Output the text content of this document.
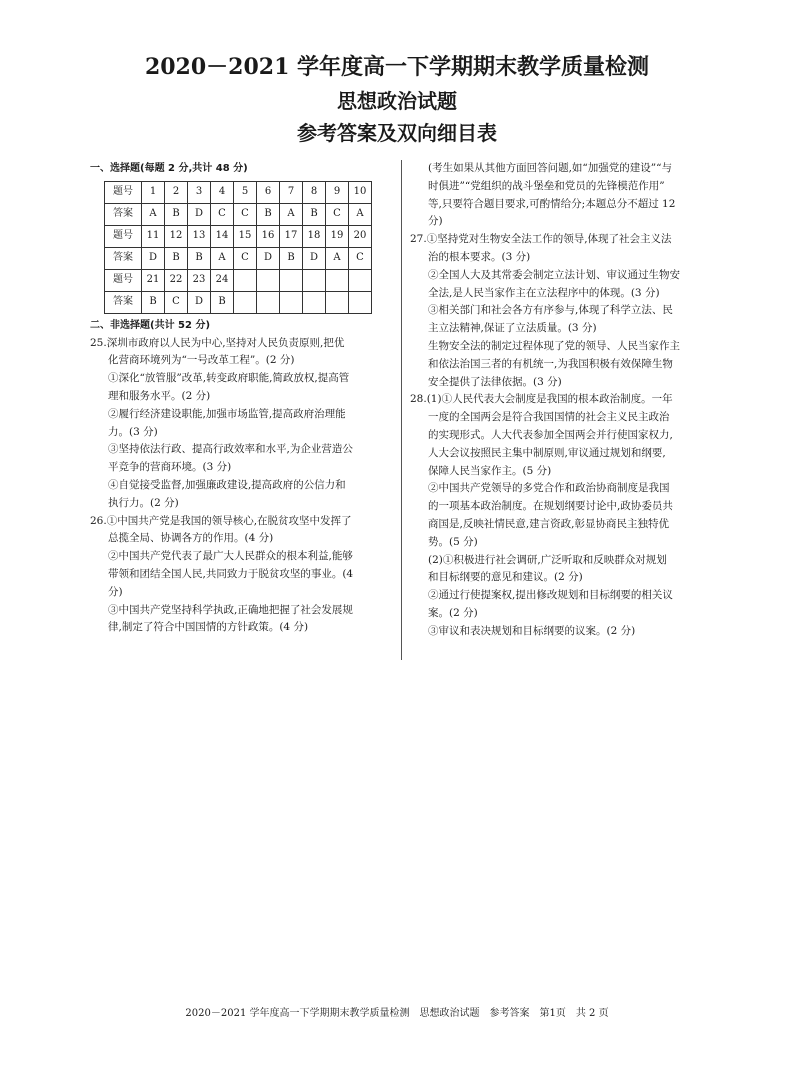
2020－2021 学年度高一下学期期末教学质量检测
思想政治试题
参考答案及双向细目表
一、选择题(每题 2 分,共计 48 分)
题号	1	2	3	4	5	6	7	8	9	10
答案	A	B	D	C	C	B	A	B	C	A
题号	11	12	13	14	15	16	17	18	19	20
答案	D	B	B	A	C	D	B	D	A	C
题号	21	22	23	24						
答案	B	C	D	B						
二、非选择题(共计 52 分)
25.深圳市政府以人民为中心,坚持对人民负责原则,把优
化营商环境列为“一号改革工程”。(2 分)
①深化“放管服”改革,转变政府职能,简政放权,提高管
理和服务水平。(2 分)
②履行经济建设职能,加强市场监管,提高政府治理能
力。(3 分)
③坚持依法行政、提高行政效率和水平,为企业营造公
平竞争的营商环境。(3 分)
④自觉接受监督,加强廉政建设,提高政府的公信力和
执行力。(2 分)
26.①中国共产党是我国的领导核心,在脱贫攻坚中发挥了
总揽全局、协调各方的作用。(4 分)
②中国共产党代表了最广大人民群众的根本利益,能够
带领和团结全国人民,共同致力于脱贫攻坚的事业。(4
分)
③中国共产党坚持科学执政,正确地把握了社会发展规
律,制定了符合中国国情的方针政策。(4 分)
(考生如果从其他方面回答问题,如“加强党的建设”“与
时俱进”“党组织的战斗堡垒和党员的先锋模范作用”
等,只要符合题目要求,可酌情给分;本题总分不超过 12
分)
27.①坚持党对生物安全法工作的领导,体现了社会主义法
治的根本要求。(3 分)
②全国人大及其常委会制定立法计划、审议通过生物安
全法,是人民当家作主在立法程序中的体现。(3 分)
③相关部门和社会各方有序参与,体现了科学立法、民
主立法精神,保证了立法质量。(3 分)
生物安全法的制定过程体现了党的领导、人民当家作主
和依法治国三者的有机统一,为我国积极有效保障生物
安全提供了法律依据。(3 分)
28.(1)①人民代表大会制度是我国的根本政治制度。一年
一度的全国两会是符合我国国情的社会主义民主政治
的实现形式。人大代表参加全国两会并行使国家权力,
人大会议按照民主集中制原则,审议通过规划和纲要,
保障人民当家作主。(5 分)
②中国共产党领导的多党合作和政治协商制度是我国
的一项基本政治制度。在规划纲要讨论中,政协委员共
商国是,反映社情民意,建言资政,彰显协商民主独特优
势。(5 分)
(2)①积极进行社会调研,广泛听取和反映群众对规划
和目标纲要的意见和建议。(2 分)
②通过行使提案权,提出修改规划和目标纲要的相关议
案。(2 分)
③审议和表决规划和目标纲要的议案。(2 分)
2020－2021 学年度高一下学期期末教学质量检测　思想政治试题　参考答案　第1页　共 2 页
